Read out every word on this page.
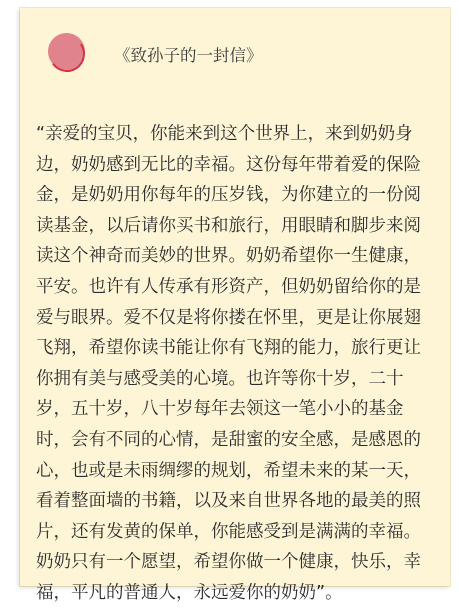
《致孙子的一封信》
“亲爱的宝贝，你能来到这个世界上，来到奶奶身
边，奶奶感到无比的幸福。这份每年带着爱的保险
金，是奶奶用你每年的压岁钱，为你建立的一份阅
读基金，以后请你买书和旅行，用眼睛和脚步来阅
读这个神奇而美妙的世界。奶奶希望你一生健康，
平安。也许有人传承有形资产，但奶奶留给你的是
爱与眼界。爱不仅是将你搂在怀里，更是让你展翅
飞翔，希望你读书能让你有飞翔的能力，旅行更让
你拥有美与感受美的心境。也许等你十岁，二十
岁，五十岁，八十岁每年去领这一笔小小的基金
时，会有不同的心情，是甜蜜的安全感，是感恩的
心，也或是未雨绸缪的规划，希望未来的某一天，
看着整面墙的书籍，以及来自世界各地的最美的照
片，还有发黄的保单，你能感受到是满满的幸福。
奶奶只有一个愿望，希望你做一个健康，快乐，幸
福，平凡的普通人，永远爱你的奶奶”。
